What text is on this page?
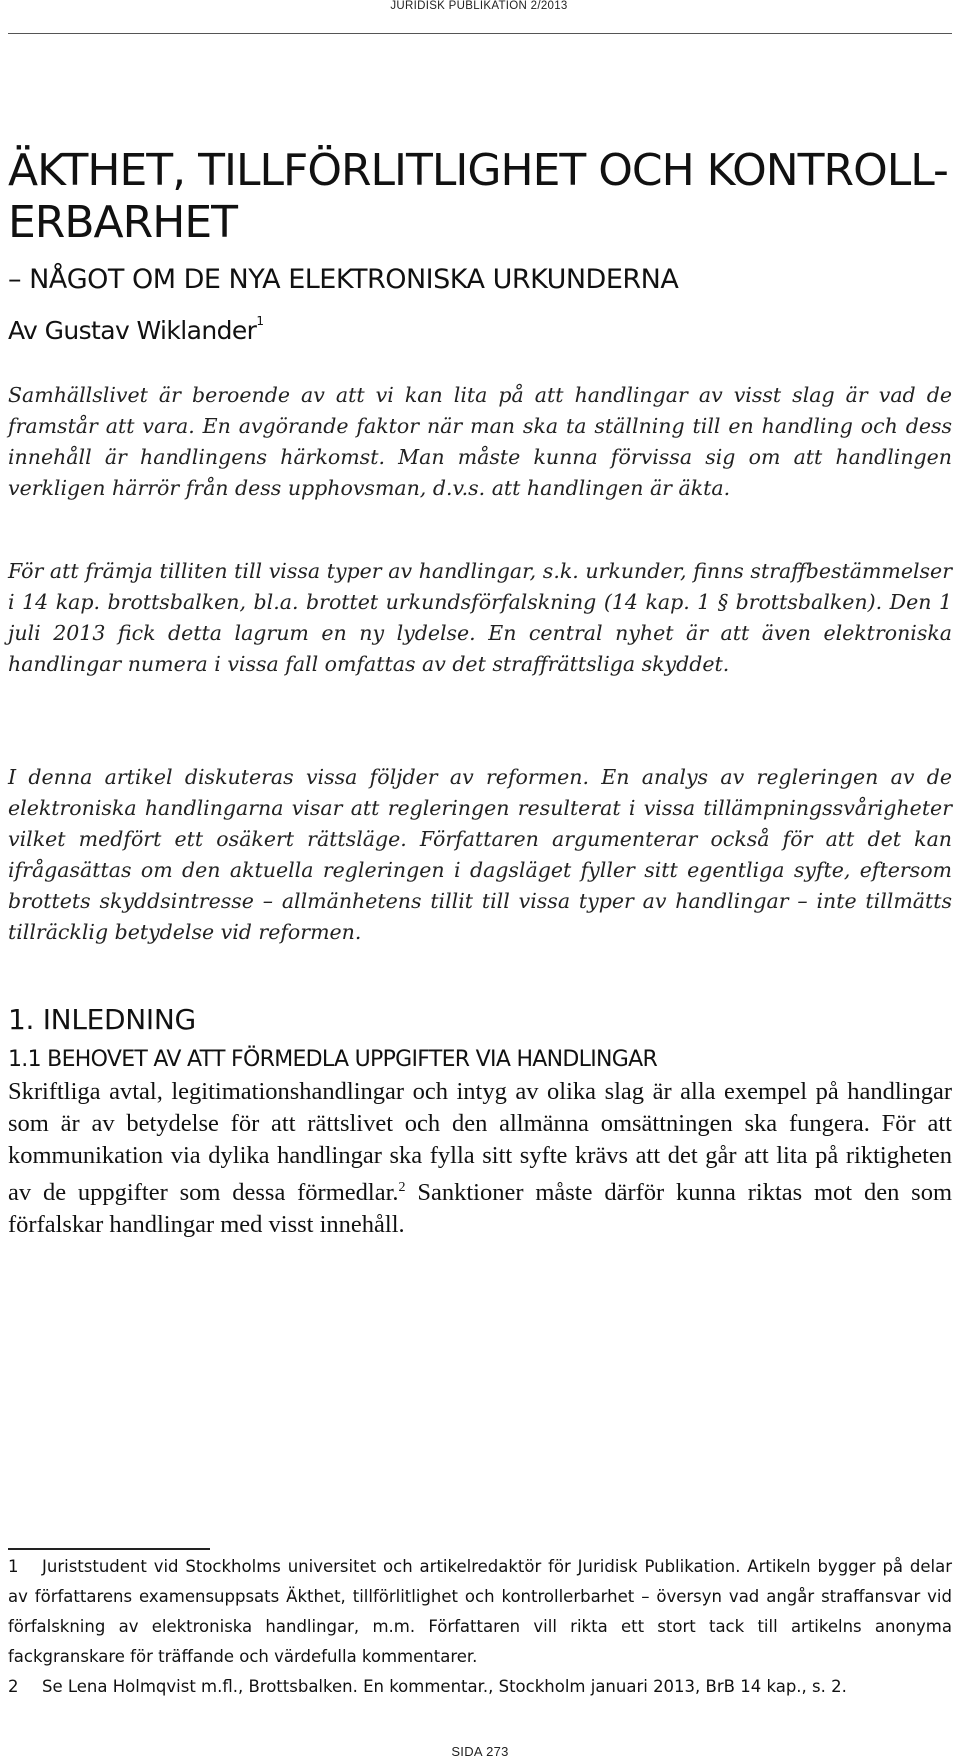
JURIDISK PUBLIKATION 2/2013
ÄKTHET, TILLFÖRLITLIGHET OCH KONTROLL-ERBARHET
– NÅGOT OM DE NYA ELEKTRONISKA URKUNDERNA
Av Gustav Wiklander$^1$

Samhällslivet är beroende av att vi kan lita på att handlingar av visst slag är vad de framstår att vara. En avgörande faktor när man ska ta ställning till en handling och dess innehåll är handlingens härkomst. Man måste kunna förvissa sig om att handlingen verkligen härrör från dess upphovsman, d.v.s. att handlingen är äkta.

För att främja tilliten till vissa typer av handlingar, s.k. urkunder, finns straffbestämmelser i 14 kap. brottsbalken, bl.a. brottet urkundsförfalskning (14 kap. 1 § brottsbalken). Den 1 juli 2013 fick detta lagrum en ny lydelse. En central nyhet är att även elektroniska handlingar numera i vissa fall omfattas av det straffrättsliga skyddet.

I denna artikel diskuteras vissa följder av reformen. En analys av regleringen av de elektroniska handlingarna visar att regleringen resulterat i vissa tillämpningssvårigheter vilket medfört ett osäkert rättsläge. Författaren argumenterar också för att det kan ifrågasättas om den aktuella regleringen i dagsläget fyller sitt egentliga syfte, eftersom brottets skyddsintresse – allmänhetens tillit till vissa typer av handlingar – inte tillmätts tillräcklig betydelse vid reformen.

1. INLEDNING
1.1 BEHOVET AV ATT FÖRMEDLA UPPGIFTER VIA HANDLINGAR

Skriftliga avtal, legitimationshandlingar och intyg av olika slag är alla exempel på handlingar som är av betydelse för att rättslivet och den allmänna omsättningen ska fungera. För att kommunikation via dylika handlingar ska fylla sitt syfte krävs att det går att lita på riktigheten av de uppgifter som dessa förmedlar.$^2$ Sanktioner måste därför kunna riktas mot den som förfalskar handlingar med visst innehåll.

1 Juriststudent vid Stockholms universitet och artikelredaktör för Juridisk Publikation. Artikeln bygger på delar av författarens examensuppsats Äkthet, tillförlitlighet och kontrollerbarhet – översyn vad angår straffansvar vid förfalskning av elektroniska handlingar, m.m. Författaren vill rikta ett stort tack till artikelns anonyma fackgranskare för träffande och värdefulla kommentarer.
2 Se Lena Holmqvist m.fl., Brottsbalken. En kommentar., Stockholm januari 2013, BrB 14 kap., s. 2.
SIDA 273
